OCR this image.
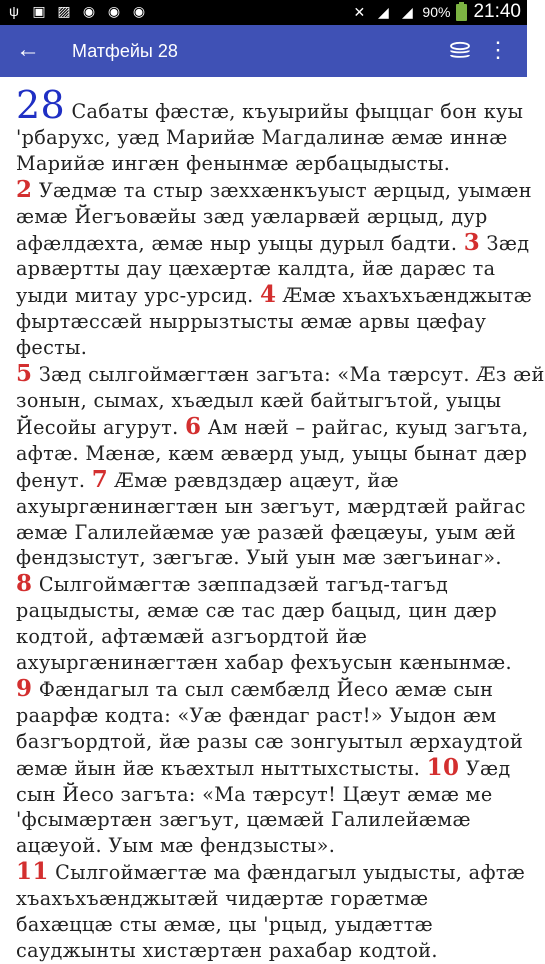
ψ ▣ ▨ ◉ ◉ ◉	✕ ◢ ◢ 90% 21:40
← Матфейы 28	⋮
28 Сабаты фæстæ, къуырийы фыццаг бон куы
'рбарухс, уæд Марийæ Магдалинæ æмæ иннæ
Марийæ ингæн фенынмæ æрбацыдысты.
2 Уæдмæ та стыр зæххæнкъуыст æрцыд, уымæн
æмæ Йегъовæйы зæд уæларвæй æрцыд, дур
афæлдæхта, æмæ ныр уыцы дурыл бадти. 3 Зæд
арвæртты дау цæхæртæ калдта, йæ дарæс та
уыди митау урс-урсид. 4 Æмæ хъахъхъæнджытæ
фыртæссæй ныррызтысты æмæ арвы цæфау
фесты.
5 Зæд сылгоймæгтæн загъта: «Ма тæрсут. Æз æй
зонын, сымах, хъæдыл кæй байтыгътой, уыцы
Йесойы агурут. 6 Ам нæй – райгас, куыд загъта,
афтæ. Мæнæ, кæм æвæрд уыд, уыцы бынат дæр
фенут. 7 Æмæ рæвдздæр ацæут, йæ
ахуыргæнинæгтæн ын зæгъут, мæрдтæй райгас
æмæ Галилейæмæ уæ разæй фæцæуы, уым æй
фендзыстут, зæгъгæ. Уый уын мæ зæгъинаг».
8 Сылгоймæгтæ зæппадзæй тагъд-тагъд
рацыдысты, æмæ сæ тас дæр бацыд, цин дæр
кодтой, афтæмæй азгъордтой йæ
ахуыргæнинæгтæн хабар фехъусын кæнынмæ.
9 Фæндагыл та сыл сæмбæлд Йесо æмæ сын
раарфæ кодта: «Уæ фæндаг раст!» Уыдон æм
базгъордтой, йæ разы сæ зонгуытыл æрхаудтой
æмæ йын йæ къæхтыл ныттыхстысты. 10 Уæд
сын Йесо загъта: «Ма тæрсут! Цæут æмæ ме
'фсымæртæн зæгъут, цæмæй Галилейæмæ
ацæуой. Уым мæ фендзысты».
11 Сылгоймæгтæ ма фæндагыл уыдысты, афтæ
хъахъхъæнджытæй чидæртæ горæтмæ
бахæццæ сты æмæ, цы 'рцыд, уыдæттæ
сауджынты хистæртæн рахабар кодтой.
